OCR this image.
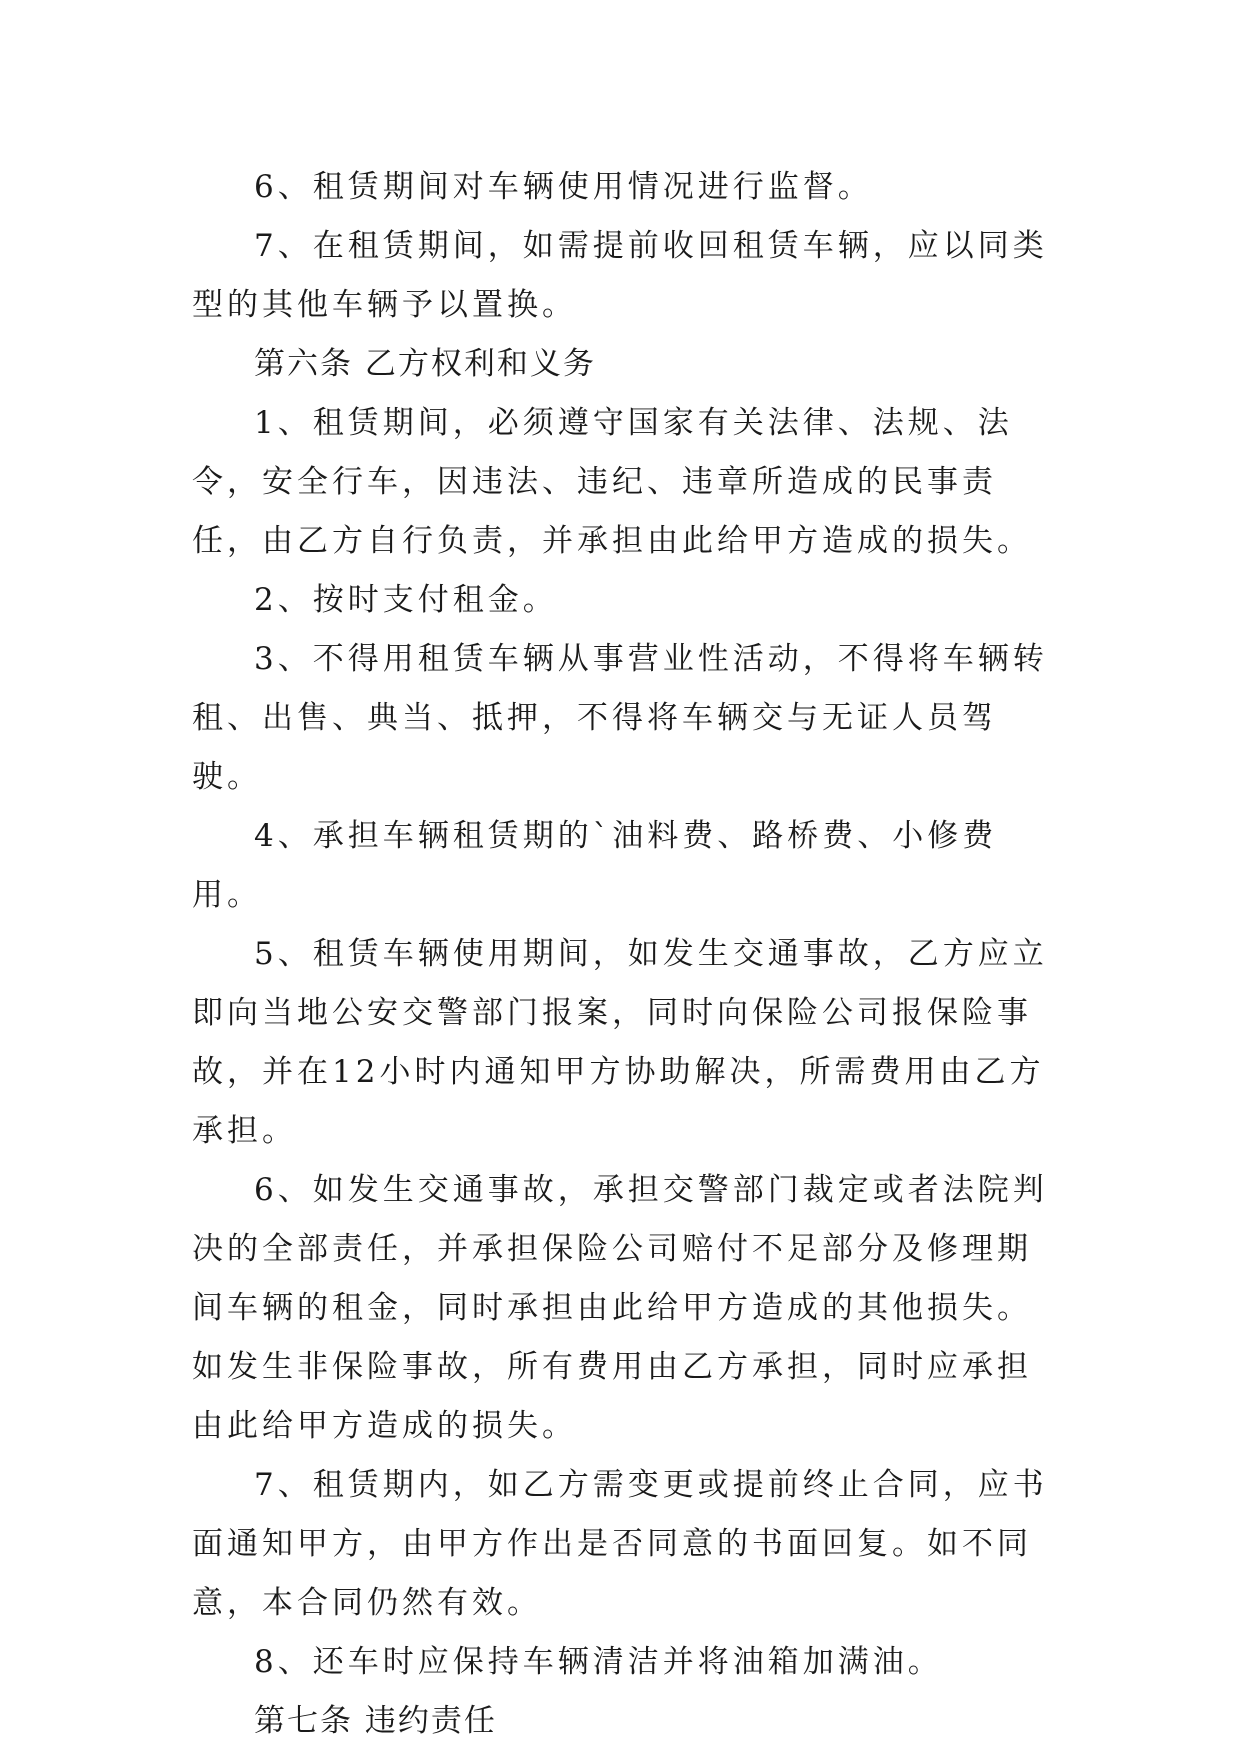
6、租赁期间对车辆使用情况进行监督。

7、在租赁期间，如需提前收回租赁车辆，应以同类型的其他车辆予以置换。

第六条 乙方权利和义务

1、租赁期间，必须遵守国家有关法律、法规、法令，安全行车，因违法、违纪、违章所造成的民事责任，由乙方自行负责，并承担由此给甲方造成的损失。

2、按时支付租金。

3、不得用租赁车辆从事营业性活动，不得将车辆转租、出售、典当、抵押，不得将车辆交与无证人员驾驶。

4、承担车辆租赁期的`油料费、路桥费、小修费用。

5、租赁车辆使用期间，如发生交通事故，乙方应立即向当地公安交警部门报案，同时向保险公司报保险事故，并在12小时内通知甲方协助解决，所需费用由乙方承担。

6、如发生交通事故，承担交警部门裁定或者法院判决的全部责任，并承担保险公司赔付不足部分及修理期间车辆的租金，同时承担由此给甲方造成的其他损失。如发生非保险事故，所有费用由乙方承担，同时应承担由此给甲方造成的损失。

7、租赁期内，如乙方需变更或提前终止合同，应书面通知甲方，由甲方作出是否同意的书面回复。如不同意，本合同仍然有效。

8、还车时应保持车辆清洁并将油箱加满油。

第七条 违约责任
